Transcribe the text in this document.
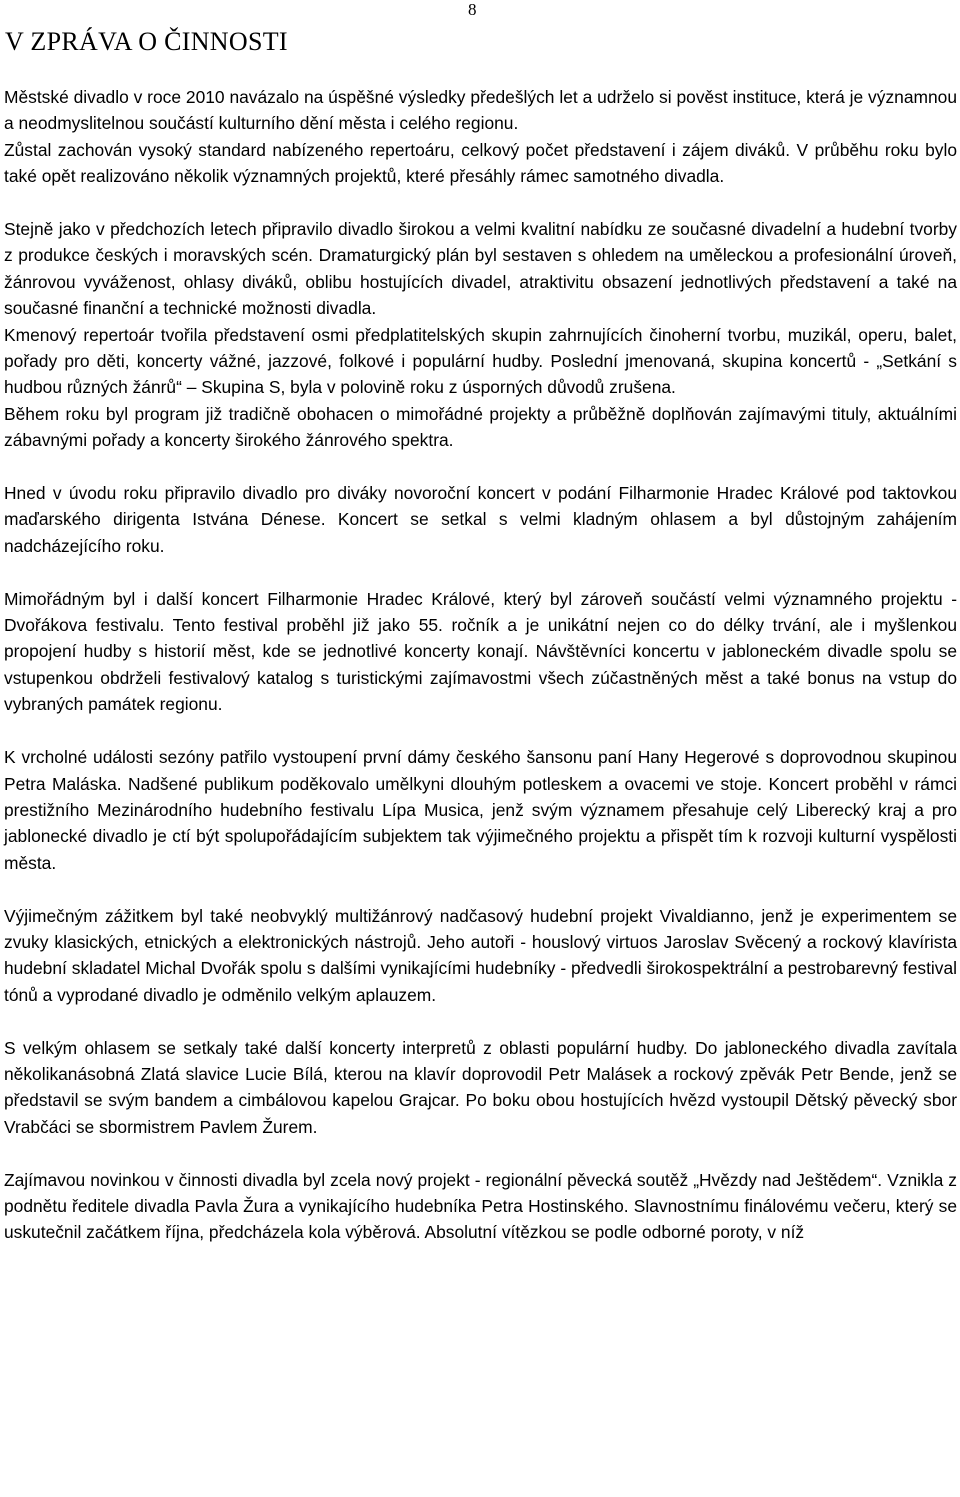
8
V ZPRÁVA O ČINNOSTI

Městské divadlo v roce 2010 navázalo na úspěšné výsledky předešlých let a udrželo si pověst instituce, která je významnou a neodmyslitelnou součástí kulturního dění města i celého regionu.

Zůstal zachován vysoký standard nabízeného repertoáru, celkový počet představení i zájem diváků. V průběhu roku bylo také opět realizováno několik významných projektů, které přesáhly rámec samotného divadla.

Stejně jako v předchozích letech připravilo divadlo širokou a velmi kvalitní nabídku ze současné divadelní a hudební tvorby z produkce českých i moravských scén. Dramaturgický plán byl sestaven s ohledem na uměleckou a profesionální úroveň, žánrovou vyváženost, ohlasy diváků, oblibu hostujících divadel, atraktivitu obsazení jednotlivých představení a také na současné finanční a technické možnosti divadla.

Kmenový repertoár tvořila představení osmi předplatitelských skupin zahrnujících činoherní tvorbu, muzikál, operu, balet, pořady pro děti, koncerty vážné, jazzové, folkové i populární hudby. Poslední jmenovaná, skupina koncertů - „Setkání s hudbou různých žánrů“ – Skupina S, byla v polovině roku z úsporných důvodů zrušena.

Během roku byl program již tradičně obohacen o mimořádné projekty a průběžně doplňován zajímavými tituly, aktuálními zábavnými pořady a koncerty širokého žánrového spektra.

Hned v úvodu roku připravilo divadlo pro diváky novoroční koncert v podání Filharmonie Hradec Králové pod taktovkou maďarského dirigenta Istvána Dénese. Koncert se setkal s velmi kladným ohlasem a byl důstojným zahájením nadcházejícího roku.

Mimořádným byl i další koncert Filharmonie Hradec Králové, který byl zároveň součástí velmi významného projektu - Dvořákova festivalu. Tento festival proběhl již jako 55. ročník a je unikátní nejen co do délky trvání, ale i myšlenkou propojení hudby s historií měst, kde se jednotlivé koncerty konají. Návštěvníci koncertu v jabloneckém divadle spolu se vstupenkou obdrželi festivalový katalog s turistickými zajímavostmi všech zúčastněných měst a také bonus na vstup do vybraných památek regionu.

K vrcholné události sezóny patřilo vystoupení první dámy českého šansonu paní Hany Hegerové s doprovodnou skupinou Petra Maláska. Nadšené publikum poděkovalo umělkyni dlouhým potleskem a ovacemi ve stoje. Koncert proběhl v rámci prestižního Mezinárodního hudebního festivalu Lípa Musica, jenž svým významem přesahuje celý Liberecký kraj a pro jablonecké divadlo je ctí být spolupořádajícím subjektem tak výjimečného projektu a přispět tím k rozvoji kulturní vyspělosti města.

Výjimečným zážitkem byl také neobvyklý multižánrový nadčasový hudební projekt Vivaldianno, jenž je experimentem se zvuky klasických, etnických a elektronických nástrojů. Jeho autoři - houslový virtuos Jaroslav Svěcený a rockový klavírista hudební skladatel Michal Dvořák spolu s dalšími vynikajícími hudebníky - předvedli širokospektrální a pestrobarevný festival tónů a vyprodané divadlo je odměnilo velkým aplauzem.

S velkým ohlasem se setkaly také další koncerty interpretů z oblasti populární hudby. Do jabloneckého divadla zavítala několikanásobná Zlatá slavice Lucie Bílá, kterou na klavír doprovodil Petr Malásek a rockový zpěvák Petr Bende, jenž se představil se svým bandem a cimbálovou kapelou Grajcar. Po boku obou hostujících hvězd vystoupil Dětský pěvecký sbor Vrabčáci se sbormistrem Pavlem Žurem.

Zajímavou novinkou v činnosti divadla byl zcela nový projekt - regionální pěvecká soutěž „Hvězdy nad Ještědem“. Vznikla z podnětu ředitele divadla Pavla Žura a vynikajícího hudebníka Petra Hostinského. Slavnostnímu finálovému večeru, který se uskutečnil začátkem října, předcházela kola výběrová. Absolutní vítězkou se podle odborné poroty, v níž
